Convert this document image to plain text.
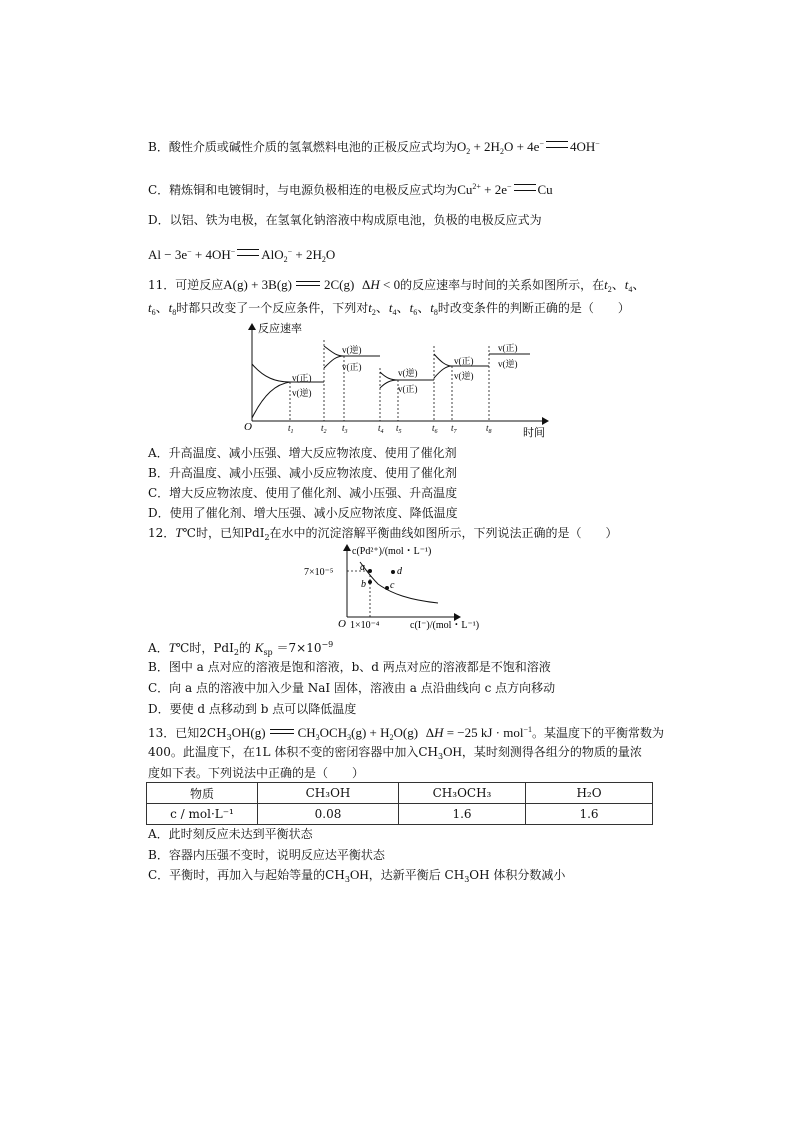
B．酸性介质或碱性介质的氢氧燃料电池的正极反应式均为$O_2 + 2H_2O + 4e^-$ 4OH−
C．精炼铜和电镀铜时，与电源负极相连的电极反应式均为$Cu^{2+} + 2e^-$ Cu
D．以铝、铁为电极，在氢氧化钠溶液中构成原电池，负极的电极反应式为
Al − 3e− + 4OH− $AlO_2^- + 2H_2O$
11．可逆反应A(g) + 3B(g) 2C(g) ΔH < 0的反应速率与时间的关系如图所示，在$t_2$、$t_4$、
$t_6$、$t_8$时都只改变了一个反应条件，下列对$t_2$、$t_4$、$t_6$、$t_8$时改变条件的判断正确的是（　　）
反应速率
时间
O	$t_1$	$t_2$ $t_3$	$t_4$ $t_5$	$t_6$ $t_7$	$t_8$
v(正)
v(逆)
v(逆)
v(正)
v(逆)
v(正)
v(正)
v(逆)
v(正)
v(逆)
A．升高温度、减小压强、增大反应物浓度、使用了催化剂
B．升高温度、减小压强、减小反应物浓度、使用了催化剂
C．增大反应物浓度、使用了催化剂、减小压强、升高温度
D．使用了催化剂、增大压强、减小反应物浓度、降低温度
12．T℃时，已知PdI$_2$在水中的沉淀溶解平衡曲线如图所示，下列说法正确的是（　　）
c(Pd²⁺)/(mol・L⁻¹)
c(I⁻)/(mol・L⁻¹)
7×10⁻⁵
1×10⁻⁴
O
a
b c
d
A．T℃时，PdI$_2$的 $K_{sp} =7\times 10^{-9}$
B．图中 a 点对应的溶液是饱和溶液，b、d 两点对应的溶液都是不饱和溶液
C．向 a 点的溶液中加入少量 NaI 固体，溶液由 a 点沿曲线向 c 点方向移动
D．要使 d 点移动到 b 点可以降低温度
13．已知$2CH_3OH(g) CH_3OCH_3(g) + H_2O(g) \Delta H = -25$ kJ · mol$^{-1}$。某温度下的平衡常数为
400。此温度下，在1L 体积不变的密闭容器中加入$CH_3OH$，某时刻测得各组分的物质的量浓
度如下表。下列说法中正确的是（　　）
物质	CH₃OH	CH₃OCH₃	H₂O
c / mol·L⁻¹	0.08	1.6	1.6
A．此时刻反应未达到平衡状态
B．容器内压强不变时，说明反应达平衡状态
C．平衡时，再加入与起始等量的$CH_3OH$，达新平衡后 $CH_3OH$ 体积分数减小
